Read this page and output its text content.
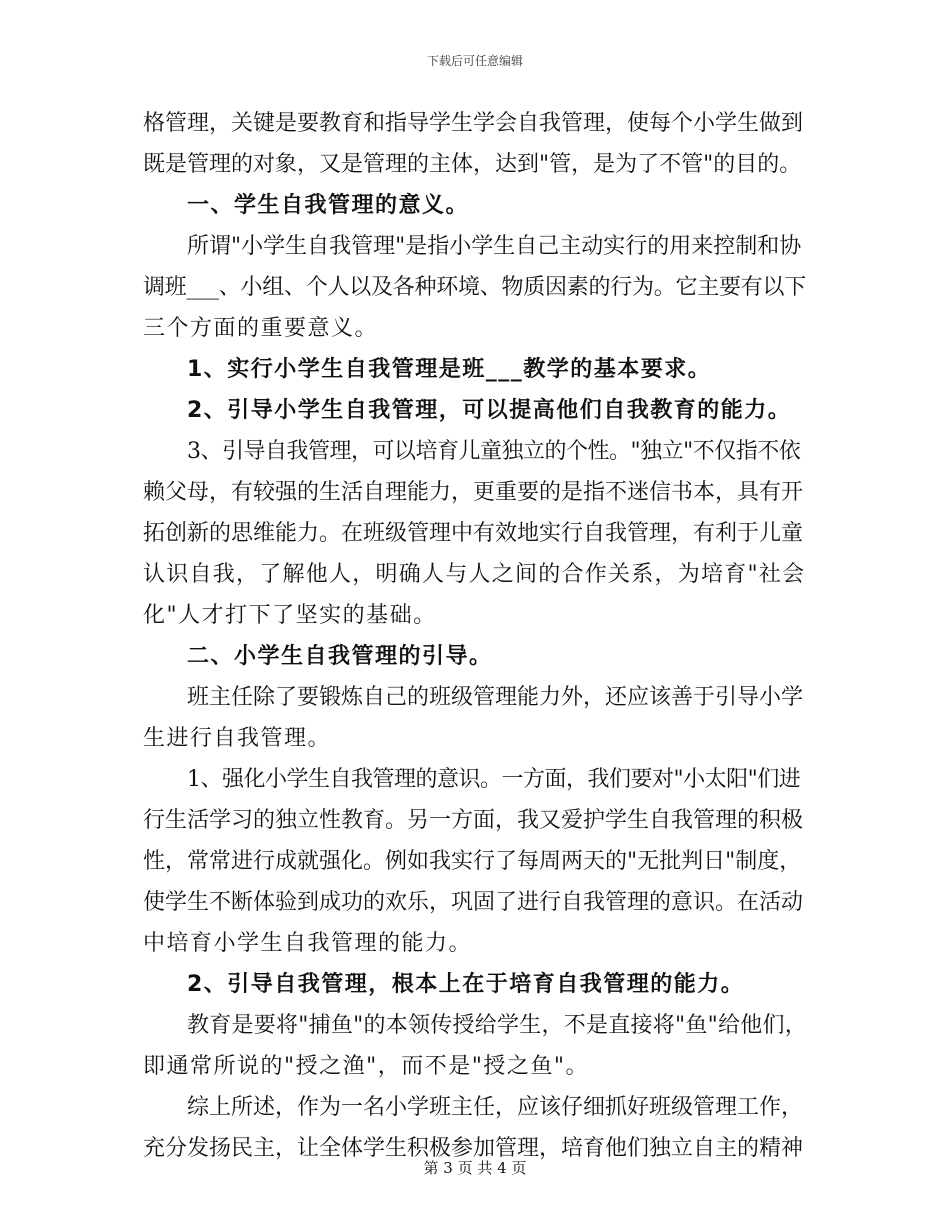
下载后可任意编辑
格管理，关键是要教育和指导学生学会自我管理，使每个小学生做到
既是管理的对象，又是管理的主体，达到"管，是为了不管"的目的。
一、学生自我管理的意义。
所谓"小学生自我管理"是指小学生自己主动实行的用来控制和协
调班___、小组、个人以及各种环境、物质因素的行为。它主要有以下
三个方面的重要意义。
1、实行小学生自我管理是班___教学的基本要求。
2、引导小学生自我管理，可以提高他们自我教育的能力。
3、引导自我管理，可以培育儿童独立的个性。"独立"不仅指不依
赖父母，有较强的生活自理能力，更重要的是指不迷信书本，具有开
拓创新的思维能力。在班级管理中有效地实行自我管理，有利于儿童
认识自我，了解他人，明确人与人之间的合作关系，为培育"社会
化"人才打下了坚实的基础。
二、小学生自我管理的引导。
班主任除了要锻炼自己的班级管理能力外，还应该善于引导小学
生进行自我管理。
1、强化小学生自我管理的意识。一方面，我们要对"小太阳"们进
行生活学习的独立性教育。另一方面，我又爱护学生自我管理的积极
性，常常进行成就强化。例如我实行了每周两天的"无批判日"制度，
使学生不断体验到成功的欢乐，巩固了进行自我管理的意识。在活动
中培育小学生自我管理的能力。
2、引导自我管理，根本上在于培育自我管理的能力。
教育是要将"捕鱼"的本领传授给学生，不是直接将"鱼"给他们，
即通常所说的"授之渔"，而不是"授之鱼"。
综上所述，作为一名小学班主任，应该仔细抓好班级管理工作，
充分发扬民主，让全体学生积极参加管理，培育他们独立自主的精神
第 3 页 共 4 页
